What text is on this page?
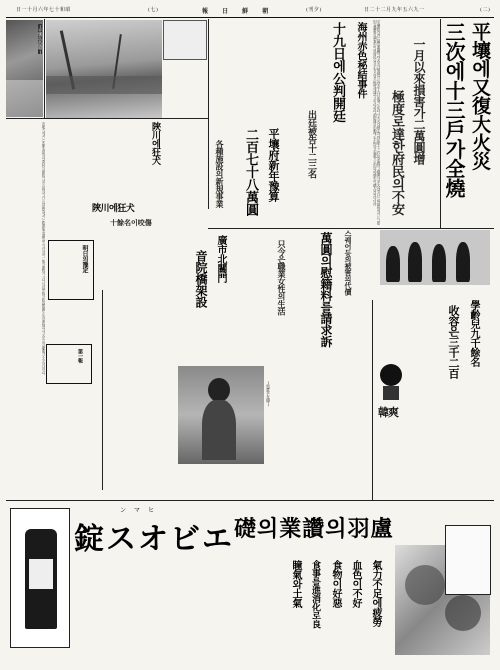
日一十月六年七十和昭	(七)	報 日 鮮 朝	(刊夕)	日二十二月九年五六九一	(二)
(平壤火災現場)	平壤에又復大火災
三次에十三戶가全燒
一月以來損害가二萬圓增
極度로達한府民의不安
平壤府內에는最近連續하야火災가頻發하는바去十九日夜에도또다시大火가發生하야民家十三戶를全燒하고損害가多大하엿다는바當局에서는그原因을嚴重히調査中이며府民들의不安은날로極度에達하고잇다한다消防隊의出動에도不拘하고强風으로因하야燒失이擴大되엿다더라
海州赤色秘結事件
十九日에公判開廷
出廷被告十二三名
平壤府新年豫算
二百七十八萬圓
各種施設의新規事業
陜川에狂犬
十餘名이咬傷
陜川에狂犬
明日의豫定
第一報
廣市北關門
音院橋架設	스퀘어등의被害의代價
萬圓의慰籍料를請求訴
只今은職業女性의生活
學齡兒九千餘名
收容은三千二百
(寫眞은女優)
韓爽
各地方에서는冬節을當하야農村의窮狀이날로甚하여가는바當局에서는救濟策을講究中이라하며一般의期待가크다더라學校의收容問題도또한深刻하야父兄들의憂慮가不少하다한다
錠スオビエ
ンマヒ
礎의業讚의羽盧
氣力不足에疲勞
血色이不好
食物이好惡
食事를進消化로良
瞳氣와土氣
